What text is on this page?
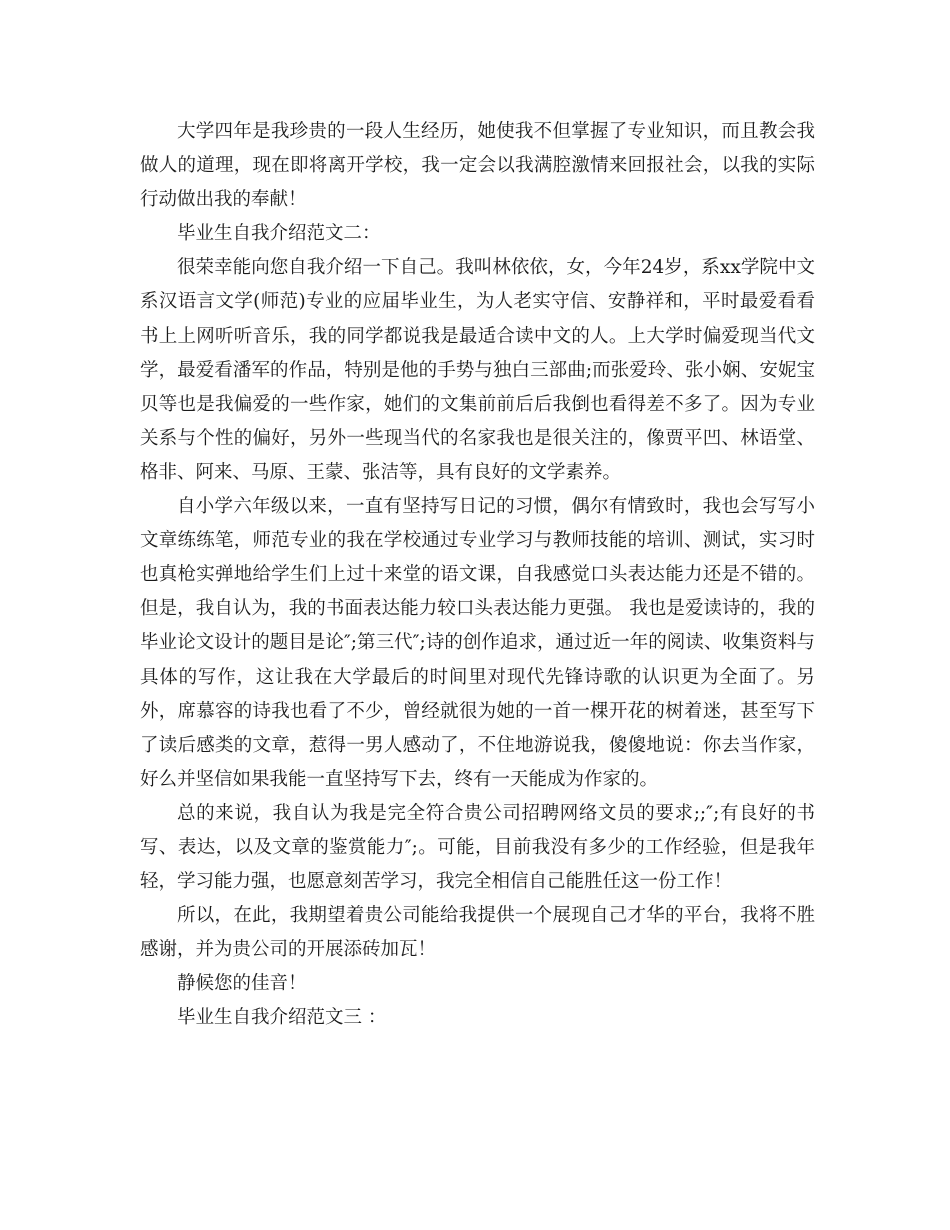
大学四年是我珍贵的一段人生经历，她使我不但掌握了专业知识，而且教会我做人的道理，现在即将离开学校，我一定会以我满腔激情来回报社会，以我的实际行动做出我的奉献！

毕业生自我介绍范文二：

很荣幸能向您自我介绍一下自己。我叫林依依，女，今年24岁，系xx学院中文系汉语言文学(师范)专业的应届毕业生，为人老实守信、安静祥和，平时最爱看看书上上网听听音乐，我的同学都说我是最适合读中文的人。上大学时偏爱现当代文学，最爱看潘军的作品，特别是他的手势与独白三部曲;而张爱玲、张小娴、安妮宝贝等也是我偏爱的一些作家，她们的文集前前后后我倒也看得差不多了。因为专业关系与个性的偏好，另外一些现当代的名家我也是很关注的，像贾平凹、林语堂、格非、阿来、马原、王蒙、张洁等，具有良好的文学素养。

自小学六年级以来，一直有坚持写日记的习惯，偶尔有情致时，我也会写写小文章练练笔，师范专业的我在学校通过专业学习与教师技能的培训、测试，实习时也真枪实弹地给学生们上过十来堂的语文课，自我感觉口头表达能力还是不错的。但是，我自认为，我的书面表达能力较口头表达能力更强。 我也是爱读诗的，我的毕业论文设计的题目是论″;第三代″;诗的创作追求，通过近一年的阅读、收集资料与具体的写作，这让我在大学最后的时间里对现代先锋诗歌的认识更为全面了。另外，席慕容的诗我也看了不少，曾经就很为她的一首一棵开花的树着迷，甚至写下了读后感类的文章，惹得一男人感动了，不住地游说我，傻傻地说：你去当作家，好么并坚信如果我能一直坚持写下去，终有一天能成为作家的。

总的来说，我自认为我是完全符合贵公司招聘网络文员的要求;;″;有良好的书写、表达，以及文章的鉴赏能力″;。可能，目前我没有多少的工作经验，但是我年轻，学习能力强，也愿意刻苦学习，我完全相信自己能胜任这一份工作！

所以，在此，我期望着贵公司能给我提供一个展现自己才华的平台，我将不胜感谢，并为贵公司的开展添砖加瓦！

静候您的佳音！

毕业生自我介绍范文三 ：
